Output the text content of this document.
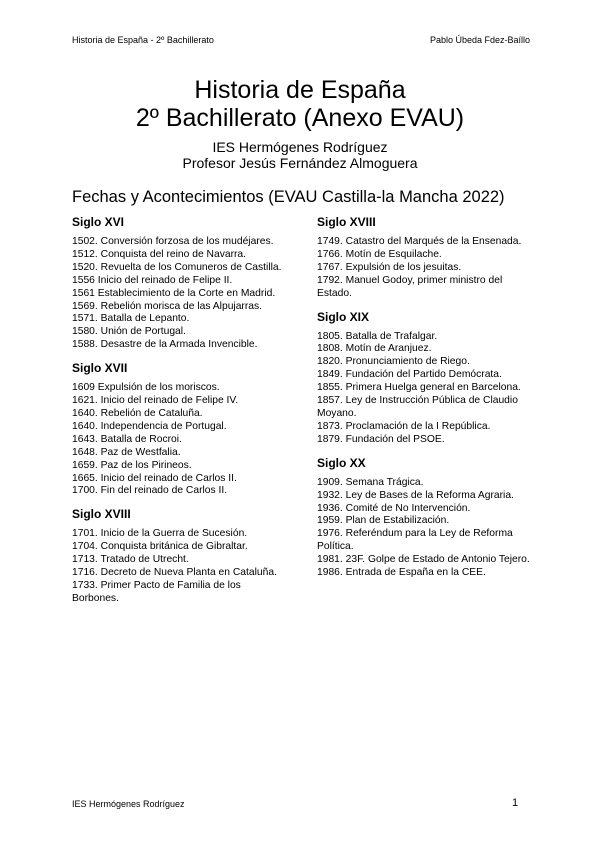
Historia de España - 2º Bachillerato	Pablo Úbeda Fdez-Baíllo
Historia de España
2º Bachillerato (Anexo EVAU)
IES Hermógenes Rodríguez
Profesor Jesús Fernández Almoguera
Fechas y Acontecimientos (EVAU Castilla-la Mancha 2022)
Siglo XVI

1502. Conversión forzosa de los mudéjares.

1512. Conquista del reino de Navarra.

1520. Revuelta de los Comuneros de Castilla.

1556 Inicio del reinado de Felipe II.

1561 Establecimiento de la Corte en Madrid.

1569. Rebelión morisca de las Alpujarras.

1571. Batalla de Lepanto.

1580. Unión de Portugal.

1588. Desastre de la Armada Invencible.

Siglo XVII

1609 Expulsión de los moriscos.

1621. Inicio del reinado de Felipe IV.

1640. Rebelión de Cataluña.

1640. Independencia de Portugal.

1643. Batalla de Rocroi.

1648. Paz de Westfalia.

1659. Paz de los Pirineos.

1665. Inicio del reinado de Carlos II.

1700. Fin del reinado de Carlos II.

Siglo XVIII

1701. Inicio de la Guerra de Sucesión.

1704. Conquista británica de Gibraltar.

1713. Tratado de Utrecht.

1716. Decreto de Nueva Planta en Cataluña.

1733. Primer Pacto de Familia de los Borbones.

Siglo XVIII

1749. Catastro del Marqués de la Ensenada.

1766. Motín de Esquilache.

1767. Expulsión de los jesuitas.

1792. Manuel Godoy, primer ministro del Estado.

Siglo XIX

1805. Batalla de Trafalgar.

1808. Motín de Aranjuez.

1820. Pronunciamiento de Riego.

1849. Fundación del Partido Demócrata.

1855. Primera Huelga general en Barcelona.

1857. Ley de Instrucción Pública de Claudio Moyano.

1873. Proclamación de la I República.

1879. Fundación del PSOE.

Siglo XX

1909. Semana Trágica.

1932. Ley de Bases de la Reforma Agraria.

1936. Comité de No Intervención.

1959. Plan de Estabilización.

1976. Referéndum para la Ley de Reforma Política.

1981. 23F. Golpe de Estado de Antonio Tejero.

1986. Entrada de España en la CEE.

IES Hermógenes Rodríguez	1
